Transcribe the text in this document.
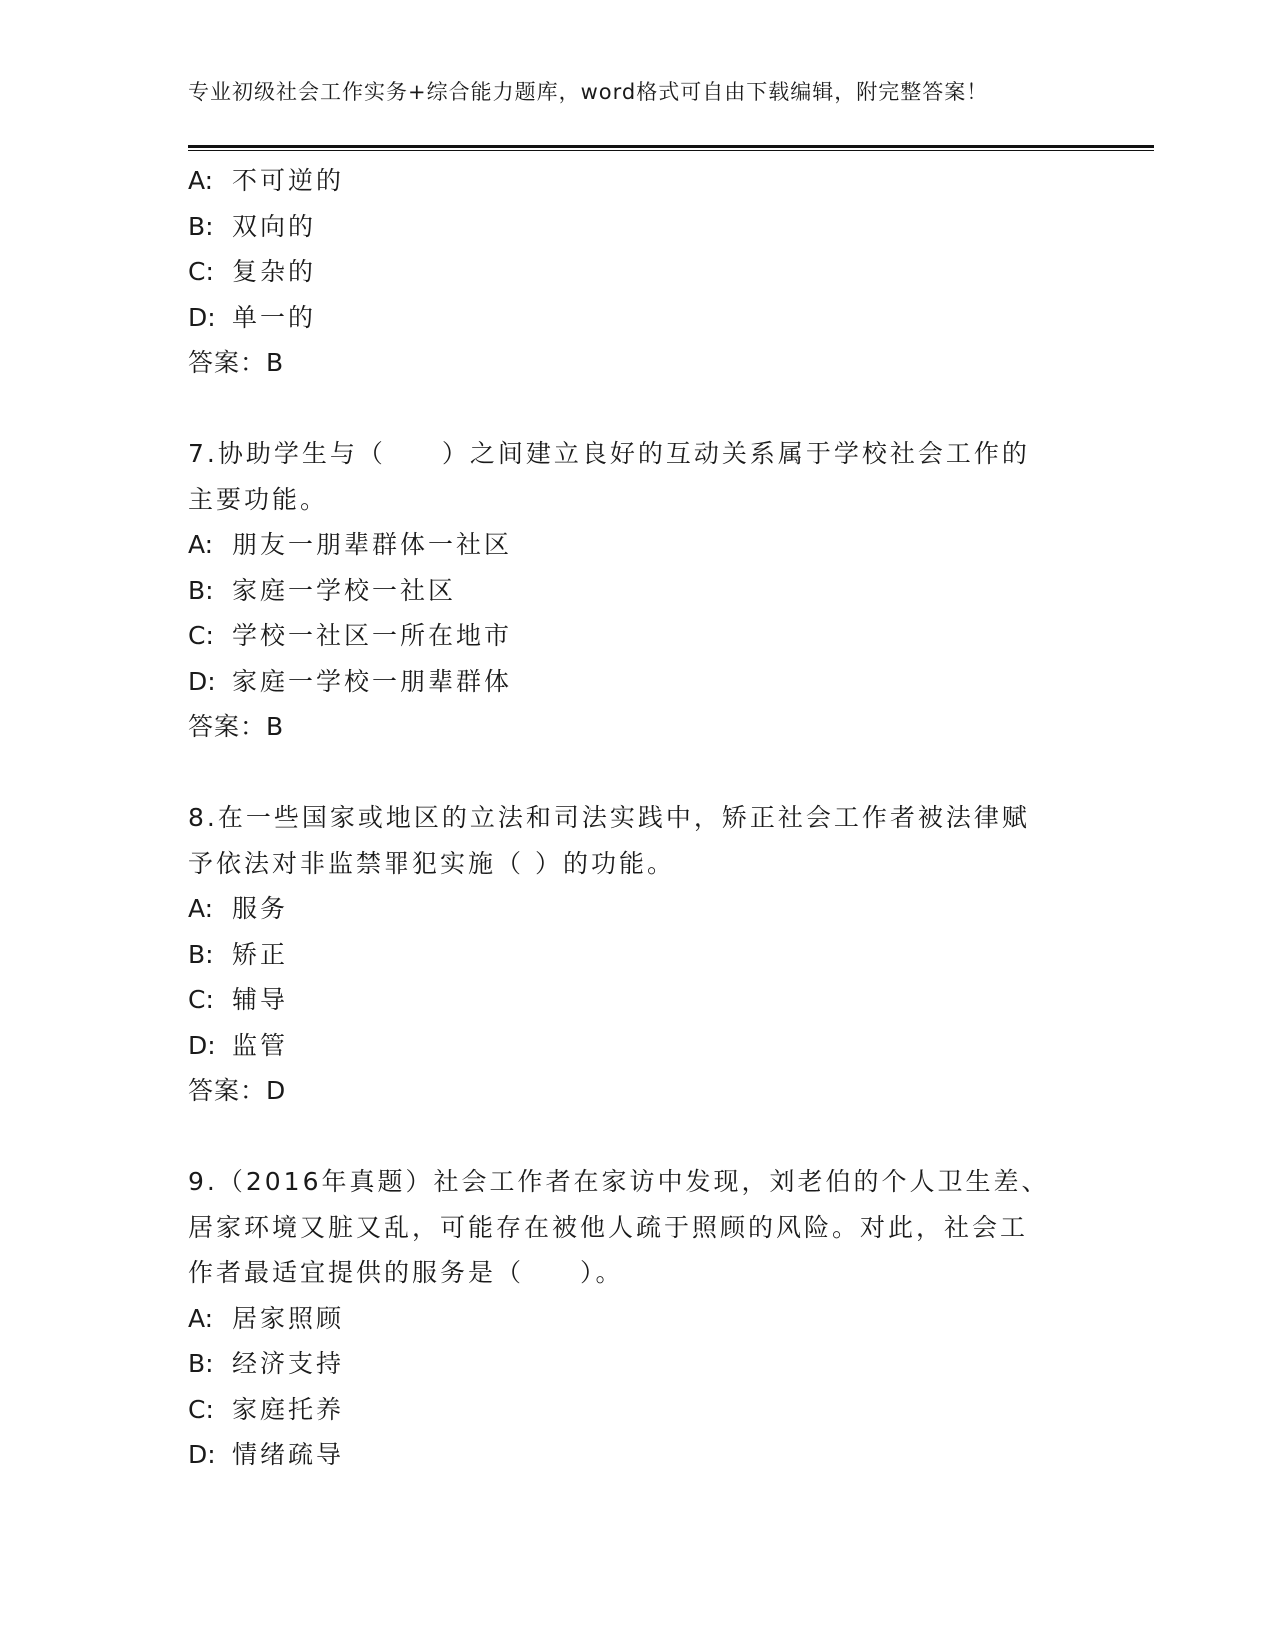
专业初级社会工作实务+综合能力题库，word格式可自由下载编辑，附完整答案！
A: 不可逆的
B: 双向的
C: 复杂的
D: 单一的
答案：B
7.协助学生与（　　）之间建立良好的互动关系属于学校社会工作的
主要功能。
A: 朋友一朋辈群体一社区
B: 家庭一学校一社区
C: 学校一社区一所在地市
D: 家庭一学校一朋辈群体
答案：B
8.在一些国家或地区的立法和司法实践中，矫正社会工作者被法律赋
予依法对非监禁罪犯实施（ ）的功能。
A: 服务
B: 矫正
C: 辅导
D: 监管
答案：D
9.（2016年真题）社会工作者在家访中发现，刘老伯的个人卫生差、
居家环境又脏又乱，可能存在被他人疏于照顾的风险。对此，社会工
作者最适宜提供的服务是（　　）。
A: 居家照顾
B: 经济支持
C: 家庭托养
D: 情绪疏导
